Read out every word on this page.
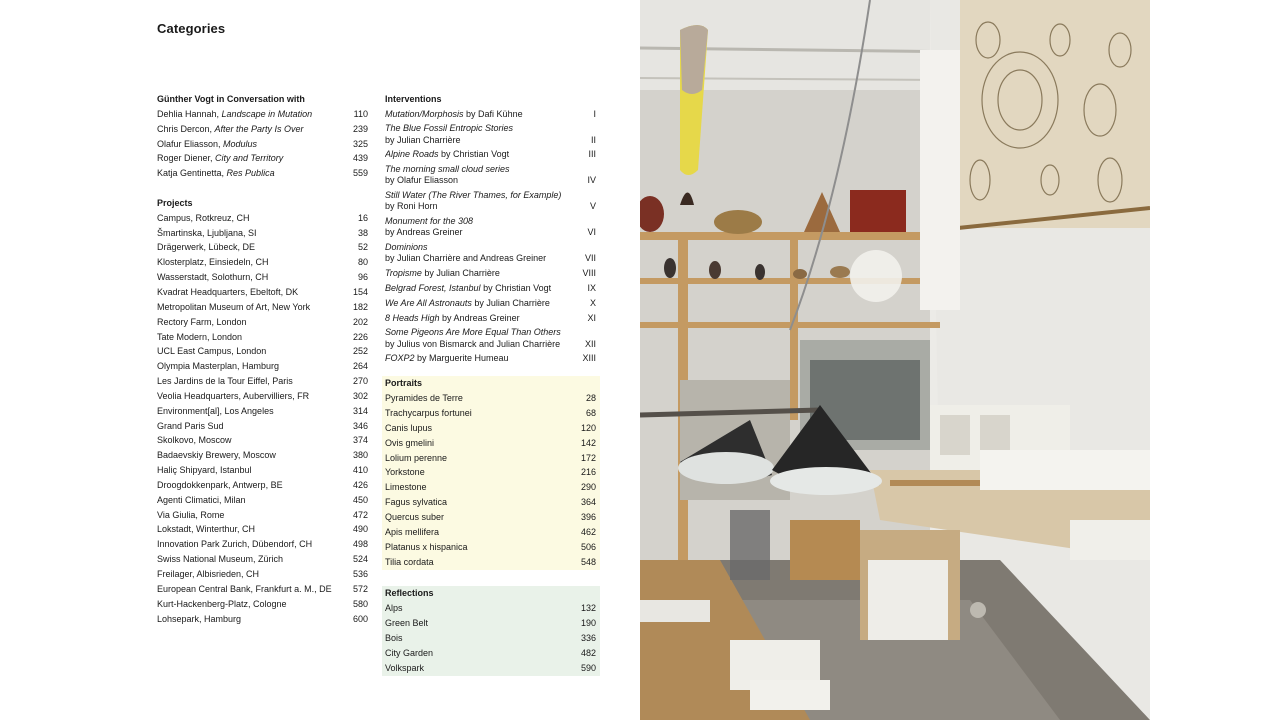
Categories
Günther Vogt in Conversation with
Dehlia Hannah, Landscape in Mutation	110
Chris Dercon, After the Party Is Over	239
Olafur Eliasson, Modulus	325
Roger Diener, City and Territory	439
Katja Gentinetta, Res Publica	559
Projects
Campus, Rotkreuz, CH	16
Šmartinska, Ljubljana, SI	38
Drägerwerk, Lübeck, DE	52
Klosterplatz, Einsiedeln, CH	80
Wasserstadt, Solothurn, CH	96
Kvadrat Headquarters, Ebeltoft, DK	154
Metropolitan Museum of Art, New York	182
Rectory Farm, London	202
Tate Modern, London	226
UCL East Campus, London	252
Olympia Masterplan, Hamburg	264
Les Jardins de la Tour Eiffel, Paris	270
Veolia Headquarters, Aubervilliers, FR	302
Environment[al], Los Angeles	314
Grand Paris Sud	346
Skolkovo, Moscow	374
Badaevskiy Brewery, Moscow	380
Haliç Shipyard, Istanbul	410
Droogdokkenpark, Antwerp, BE	426
Agenti Climatici, Milan	450
Via Giulia, Rome	472
Lokstadt, Winterthur, CH	490
Innovation Park Zurich, Dübendorf, CH	498
Swiss National Museum, Zürich	524
Freilager, Albisrieden, CH	536
European Central Bank, Frankfurt a. M., DE	572
Kurt-Hackenberg-Platz, Cologne	580
Lohsepark, Hamburg	600
Interventions
Mutation/Morphosis by Dafi Kühne	I
The Blue Fossil Entropic Stories
by Julian Charrière	II
Alpine Roads by Christian Vogt	III
The morning small cloud series
by Olafur Eliasson	IV
Still Water (The River Thames, for Example)
by Roni Horn	V
Monument for the 308
by Andreas Greiner	VI
Dominions
by Julian Charrière and Andreas Greiner	VII
Tropisme by Julian Charrière	VIII
Belgrad Forest, Istanbul by Christian Vogt	IX
We Are All Astronauts by Julian Charrière	X
8 Heads High by Andreas Greiner	XI
Some Pigeons Are More Equal Than Others
by Julius von Bismarck and Julian Charrière	XII
FOXP2 by Marguerite Humeau	XIII
Portraits
Pyramides de Terre	28
Trachycarpus fortunei	68
Canis lupus	120
Ovis gmelini	142
Lolium perenne	172
Yorkstone	216
Limestone	290
Fagus sylvatica	364
Quercus suber	396
Apis mellifera	462
Platanus x hispanica	506
Tilia cordata	548
Reflections
Alps	132
Green Belt	190
Bois	336
City Garden	482
Volkspark	590
